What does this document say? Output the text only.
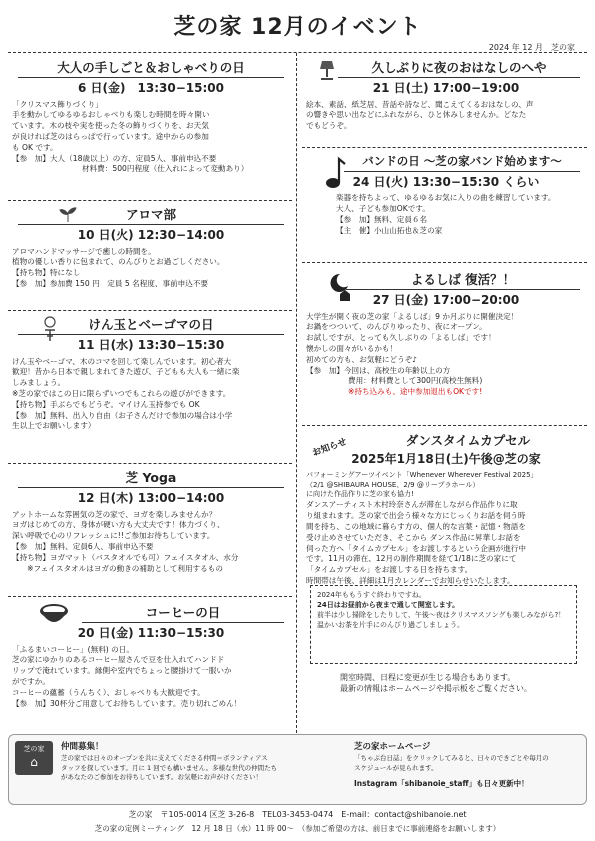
芝の家 12月のイベント
2024 年 12 月　芝の家
大人の手しごと＆おしゃべりの日
6 日(金)　13:30−15:00
「クリスマス飾りづくり」
手を動かしてゆるゆるおしゃべりも楽しむ時間を時々開い
ています。木の枝や実を使った冬の飾りづくりを、お天気
が良ければ芝のはらっぱで行っています。途中からの参加
も OK です。
【参　加】大人（18歳以上）の方、定員5人、事前申込不要
材料費：500円程度（仕入れによって変動あり）
アロマ部
10 日(火) 12:30−14:00
アロマハンドマッサージで癒しの時間を。
植物の優しい香りに包まれて、のんびりとお過ごしください。
【持ち物】特になし
【参　加】参加費 150 円　定員 5 名程度、事前申込不要
けん玉とベーゴマの日
11 日(水) 13:30−15:30
けん玉やベーゴマ、木のコマを回して楽しんでいます。初心者大
歓迎！昔から日本で親しまれてきた遊び、子どもも大人も一緒に楽
しみましょう。
※芝の家ではこの日に限らずいつでもこれらの遊びができます。
【持ち物】手ぶらでもどうぞ。マイけん玉持参でも OK
【参　加】無料、出入り自由（お子さんだけで参加の場合は小学
生以上でお願いします）
芝 Yoga
12 日(木) 13:00−14:00
アットホームな雰囲気の芝の家で、ヨガを楽しみませんか？
ヨガはじめての方、身体が硬い方も大丈夫です！体力づくり、
深い呼吸で心のリフレッシュに!!ご参加お待ちしています。
【参　加】無料、定員6人、事前申込不要
【持ち物】ヨガマット（バスタオルでも可）フェイスタオル、水分
　　※フェイスタオルはヨガの動きの補助として利用するもの
コーヒーの日
20 日(金) 11:30−15:30
「ふるまいコーヒー」(無料) の日。
芝の家にゆかりのあるコーヒー屋さんで豆を仕入れてハンドド
リップで淹れています。縁側や室内でちょっと腰掛けて一服いか
がですか。
コーヒーの蘊蓄（うんちく）、おしゃべりも大歓迎です。
【参　加】30杯分ご用意してお待ちしています。売り切れごめん！
久しぶりに夜のおはなしのへや
21 日(土) 17:00−19:00
絵本、素話、紙芝居、昔話や詩など、聞こえてくるおはなしの、声
の響きや思い出などにふれながら、ひと休みしませんか。どなた
でもどうぞ。
バンドの日 〜芝の家バンド始めます〜
24 日(火) 13:30−15:30 くらい
楽器を持ちよって、ゆるゆるお気に入りの曲を練習しています。
大人、子ども参加OKです。
【参　加】無料、定員６名
【主　催】小山山拓也＆芝の家
よるしば 復活？！
27 日(金) 17:00−20:00
大学生が開く夜の芝の家「よるしば」9 か月ぶりに開催決定！
お鍋をつついて、のんびりゆったり、夜にオープン。
お試しですが、とっても久しぶりの「よるしば」です！
懐かしの面々がいるかも！
初めての方も、お気軽にどうぞ♪
【参　加】今回は、高校生の年齢以上の方
費用：材料費として300円(高校生無料)
※持ち込みも、途中参加退出もOKです!
お知らせ	ダンスタイムカプセル
2025年1月18日(土)午後@芝の家
パフォーミングアーツイベント「Whenever Wherever Festival 2025」
（2/1 @SHIBAURA HOUSE、2/9 @リーブラホール）
に向けた作品作りに芝の家も協力!
ダンスアーティスト木村玲奈さんが滞在しながら作品作りに取
り組まれます。芝の家で出会う様々な方にじっくりお話を伺う時
間を持ち、この地域に暮らす方の、個人的な言葉・記憶・物語を
受け止めさせていただき、そこから ダンス作品に昇華しお話を
伺った方へ「タイムカプセル」をお渡しするという企画が進行中
です。11月の滞在、12月の制作期間を経て1/18に芝の家にて
「タイムカプセル」をお渡しする日を持ちます。
時間帯は午後、詳細は1月カレンダーでお知らせいたします。
2024年ももうすぐ終わりですね。
24日はお昼前から夜まで通して開室します。
前半は少し掃除をしたりして、午後〜夜はクリスマスソングも楽しみながら?！
温かいお茶を片手にのんびり過ごしましょう。
開室時間、日程に変更が生じる場合もあります。
最新の情報はホームページや掲示板をご覧ください。
芝の家
⌂
仲間募集！
芝の家では日々のオープンを共に支えてくださる仲間＝ボランティアス
タッフを探しています。月に 1 回でも構いません。多様な世代の仲間たち
があなたのご参加をお待ちしています。お気軽にお声がけください！
芝の家ホームページ
「ちゃぶ台日誌」をクリックしてみると、日々のできごとや毎月の
スケジュールが見られます。
Instagram「shibanoie_staff」も日々更新中！
芝の家　〒105-0014 区芝 3-26-8　TEL03-3453-0474　E-mail：contact@shibanoie.net
芝の家の定例ミーティング　12 月 18 日（水）11 時 00〜　（参加ご希望の方は、前日までに事前連絡をお願いします）
